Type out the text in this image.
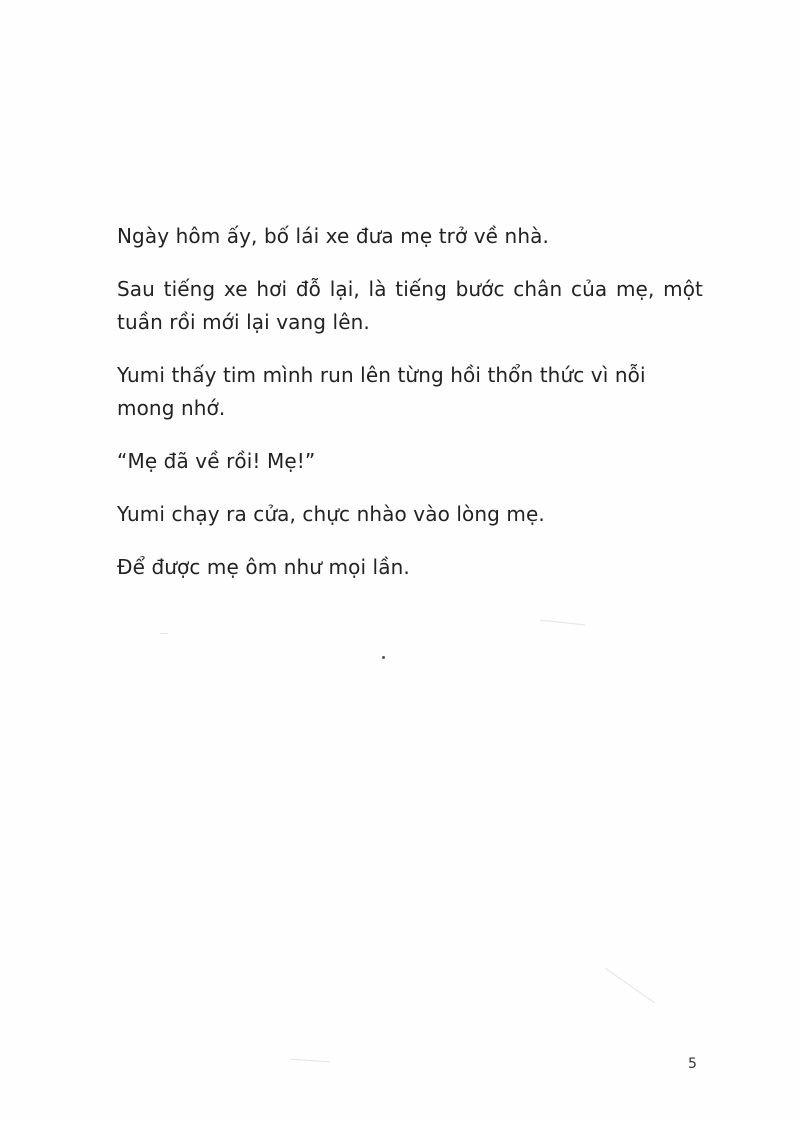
Ngày hôm ấy, bố lái xe đưa mẹ trở về nhà.

Sau tiếng xe hơi đỗ lại, là tiếng bước chân của mẹ, một tuần rồi mới lại vang lên.

Yumi thấy tim mình run lên từng hồi thổn thức vì nỗi mong nhớ.

“Mẹ đã về rồi! Mẹ!”

Yumi chạy ra cửa, chực nhào vào lòng mẹ.

Để được mẹ ôm như mọi lần.

5
